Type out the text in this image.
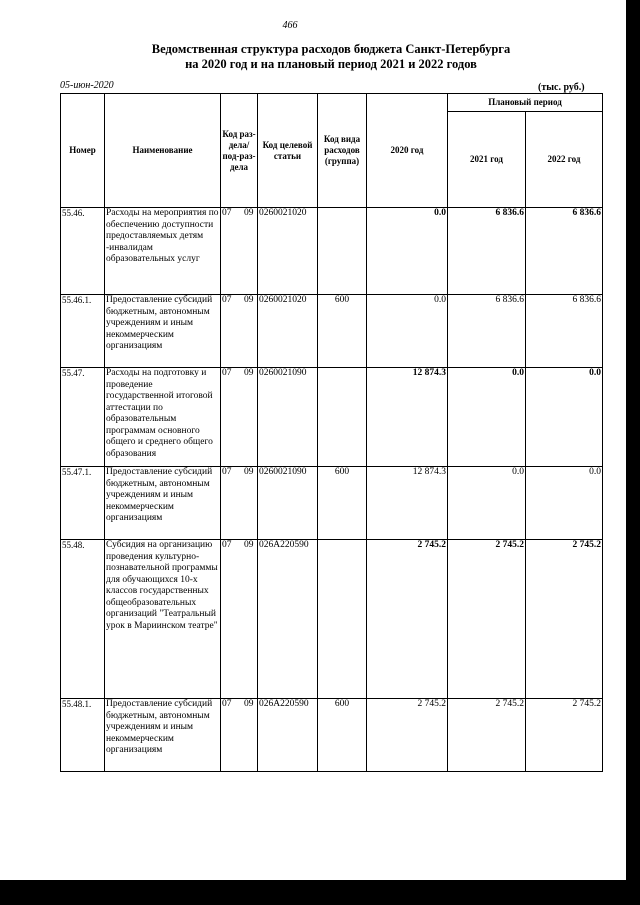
466
Ведомственная структура расходов бюджета Санкт-Петербурга
на 2020 год и на плановый период 2021 и 2022 годов
05-июн-2020	(тыс. руб.)
Номер	Наименование	Код раз-дела/ под-раз-дела	Код целевой статьи	Код вида расходов (группа)	2020 год	Плановый период	
						2021 год	2022 год
55.46.	Расходы на мероприятия по обеспечению доступности предоставляемых детям -инвалидам образовательных услуг	07 09	0260021020		0.0	6 836.6	6 836.6
55.46.1.	Предоставление субсидий бюджетным, автономным учреждениям и иным некоммерческим организациям	07 09	0260021020	600	0.0	6 836.6	6 836.6
55.47.	Расходы на подготовку и проведение государственной итоговой аттестации по образовательным программам основного общего и среднего общего образования	07 09	0260021090		12 874.3	0.0	0.0
55.47.1.	Предоставление субсидий бюджетным, автономным учреждениям и иным некоммерческим организациям	07 09	0260021090	600	12 874.3	0.0	0.0
55.48.	Субсидия на организацию проведения культурно-познавательной программы для обучающихся 10-х классов государственных общеобразовательных организаций "Театральный урок в Мариинском театре"	07 09	026A220590		2 745.2	2 745.2	2 745.2
55.48.1.	Предоставление субсидий бюджетным, автономным учреждениям и иным некоммерческим организациям	07 09	026A220590	600	2 745.2	2 745.2	2 745.2
